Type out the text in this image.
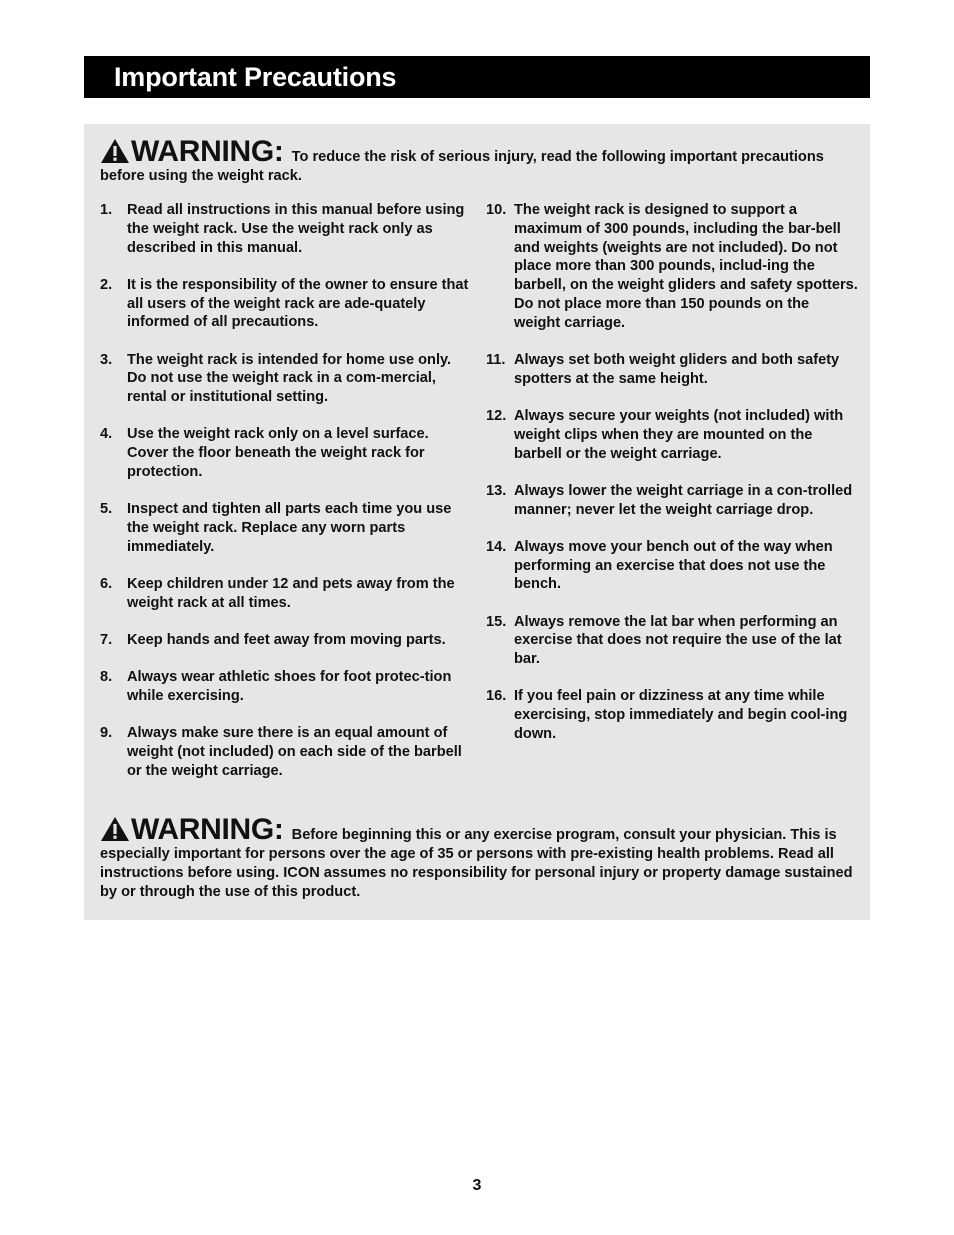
Important Precautions
WARNING: To reduce the risk of serious injury, read the following important precautions before using the weight rack.
1. Read all instructions in this manual before using the weight rack. Use the weight rack only as described in this manual.
2. It is the responsibility of the owner to ensure that all users of the weight rack are ade-quately informed of all precautions.
3. The weight rack is intended for home use only. Do not use the weight rack in a com-mercial, rental or institutional setting.
4. Use the weight rack only on a level surface. Cover the floor beneath the weight rack for protection.
5. Inspect and tighten all parts each time you use the weight rack. Replace any worn parts immediately.
6. Keep children under 12 and pets away from the weight rack at all times.
7. Keep hands and feet away from moving parts.
8. Always wear athletic shoes for foot protec-tion while exercising.
9. Always make sure there is an equal amount of weight (not included) on each side of the barbell or the weight carriage.
10. The weight rack is designed to support a maximum of 300 pounds, including the bar-bell and weights (weights are not included). Do not place more than 300 pounds, includ-ing the barbell, on the weight gliders and safety spotters. Do not place more than 150 pounds on the weight carriage.
11. Always set both weight gliders and both safety spotters at the same height.
12. Always secure your weights (not included) with weight clips when they are mounted on the barbell or the weight carriage.
13. Always lower the weight carriage in a con-trolled manner; never let the weight carriage drop.
14. Always move your bench out of the way when performing an exercise that does not use the bench.
15. Always remove the lat bar when performing an exercise that does not require the use of the lat bar.
16. If you feel pain or dizziness at any time while exercising, stop immediately and begin cool-ing down.
WARNING: Before beginning this or any exercise program, consult your physician. This is especially important for persons over the age of 35 or persons with pre-existing health problems. Read all instructions before using. ICON assumes no responsibility for personal injury or property damage sustained by or through the use of this product.
3
